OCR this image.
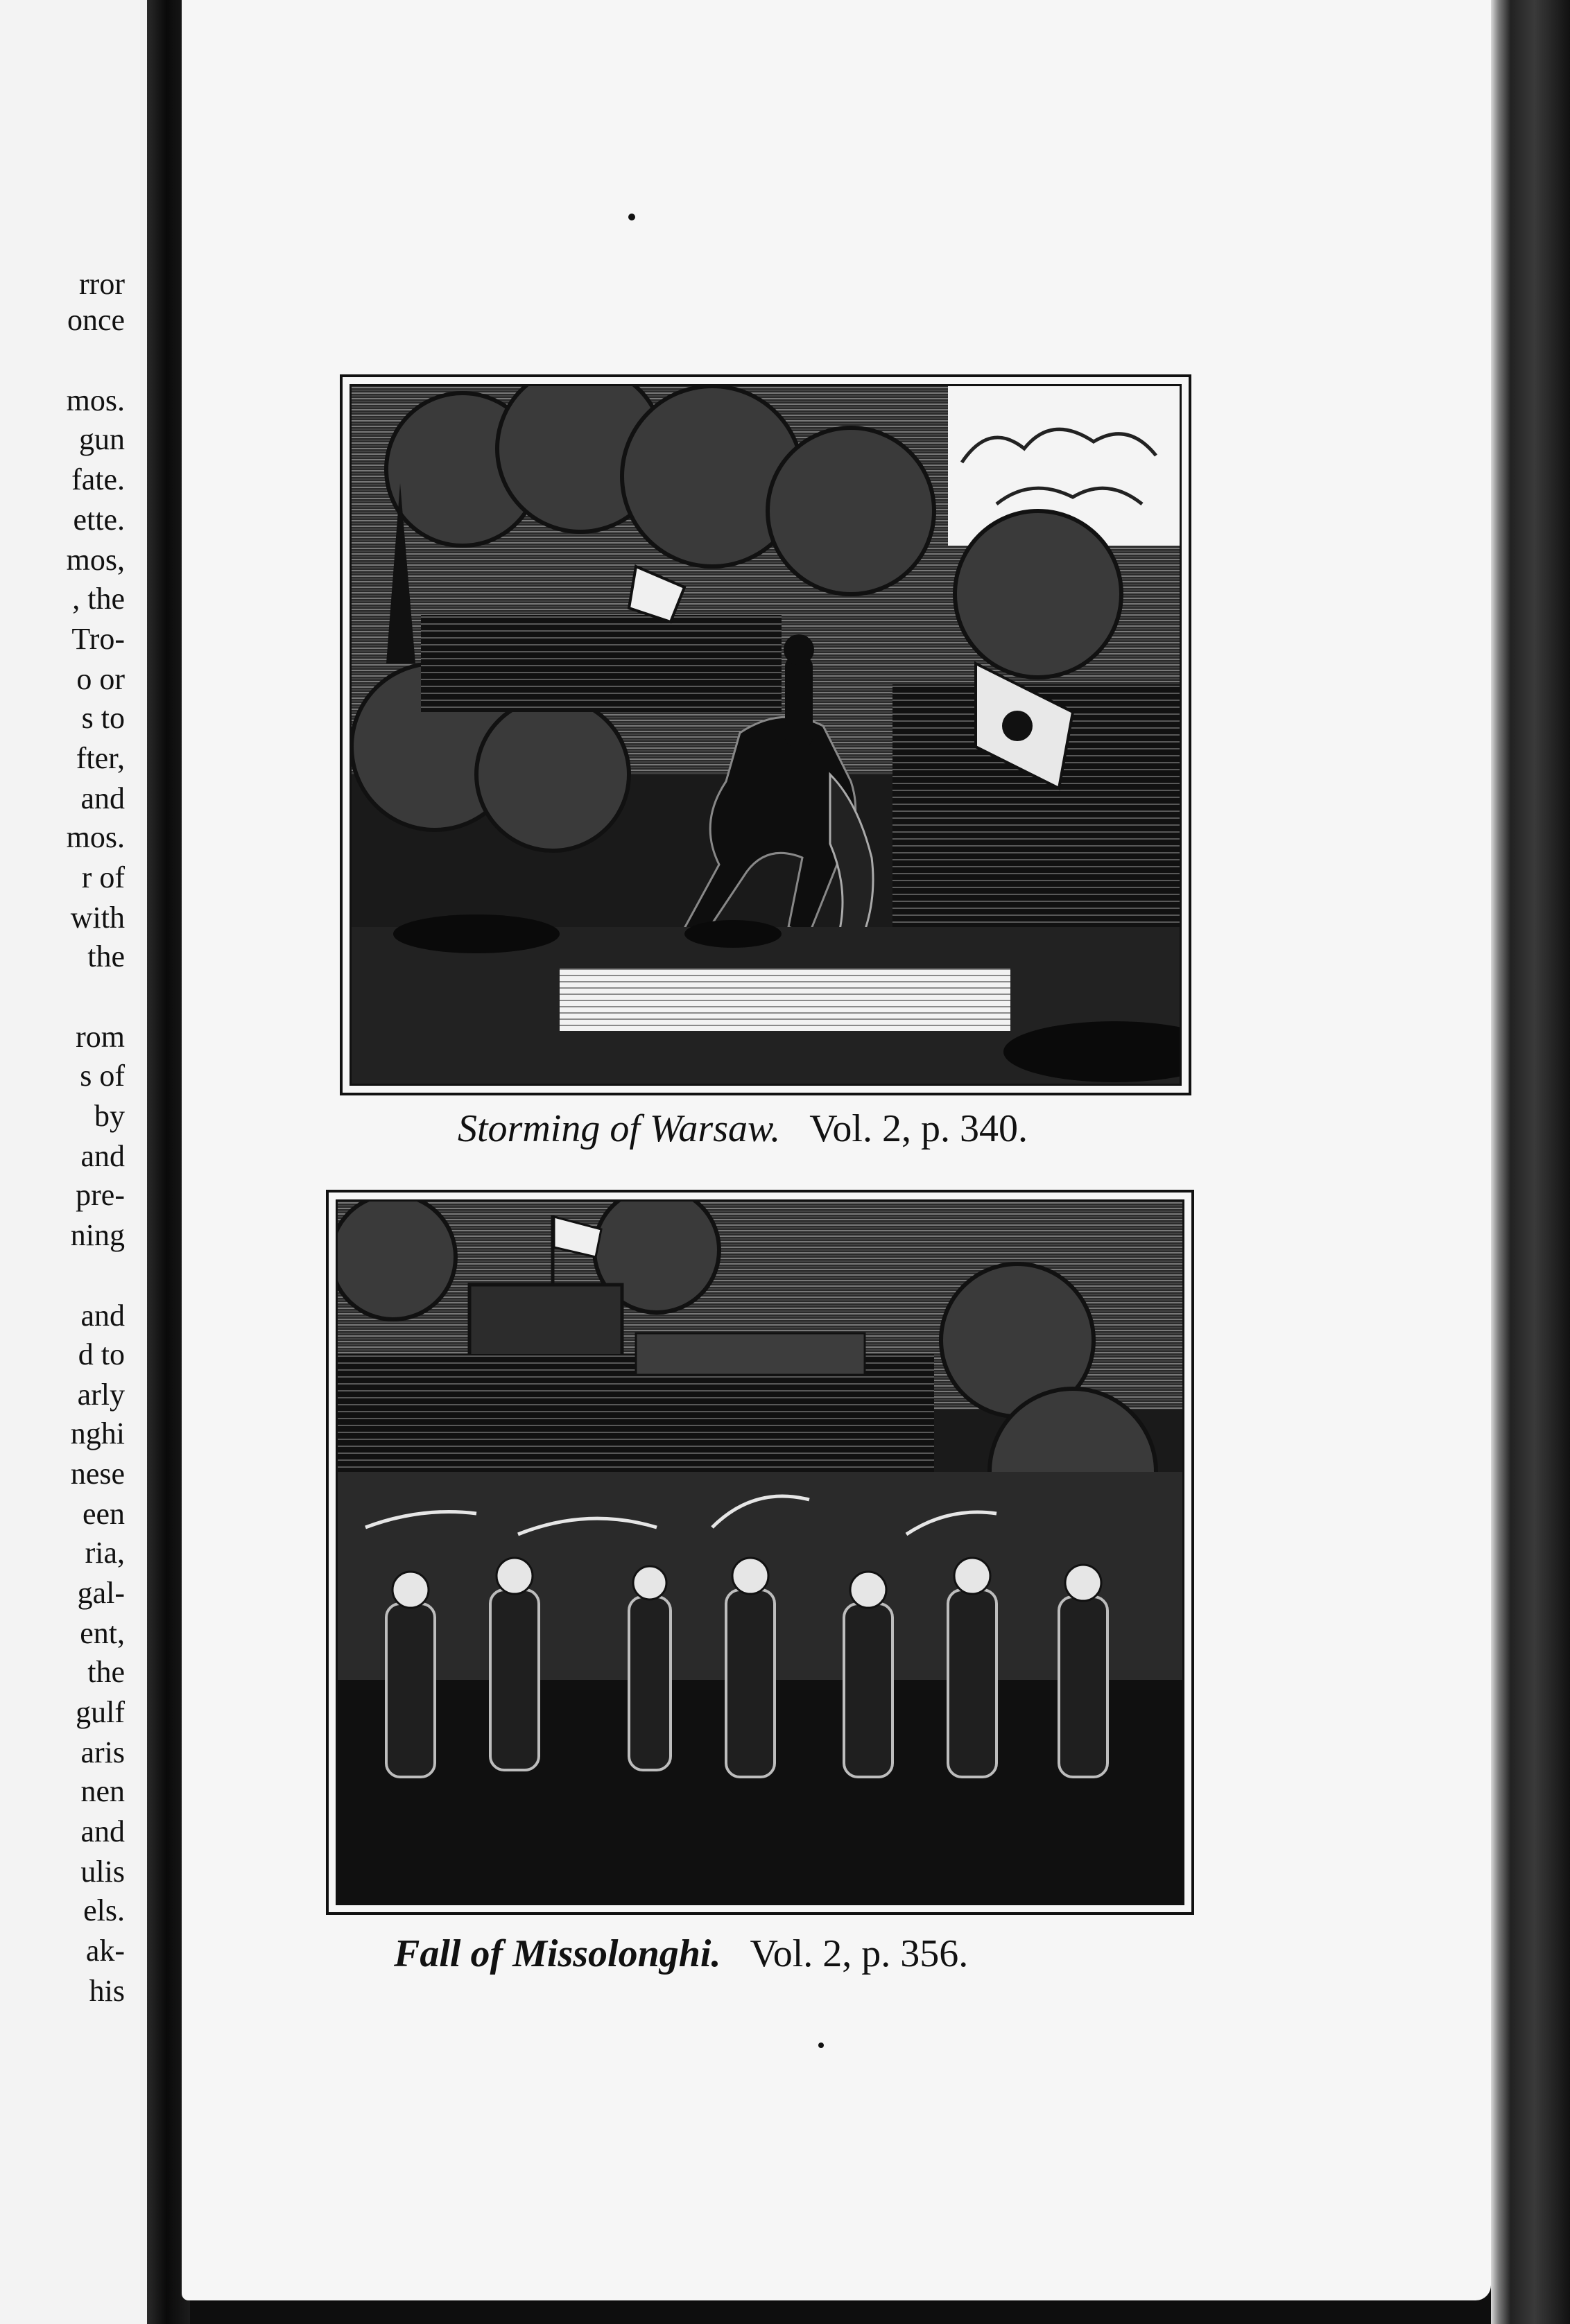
rror

once

mos.

gun

fate.

ette.

mos,

, the

Tro-

o or

s to

fter,

and

mos.

r of

with

the

rom

s of

by

and

pre-

ning

and

d to

arly

nghi

nese

een

ria,

gal-

ent,

the

gulf

aris

nen

and

ulis

els.

ak-

his

Storming of Warsaw. Vol. 2, p. 340.

Fall of Missolonghi. Vol. 2, p. 356.
